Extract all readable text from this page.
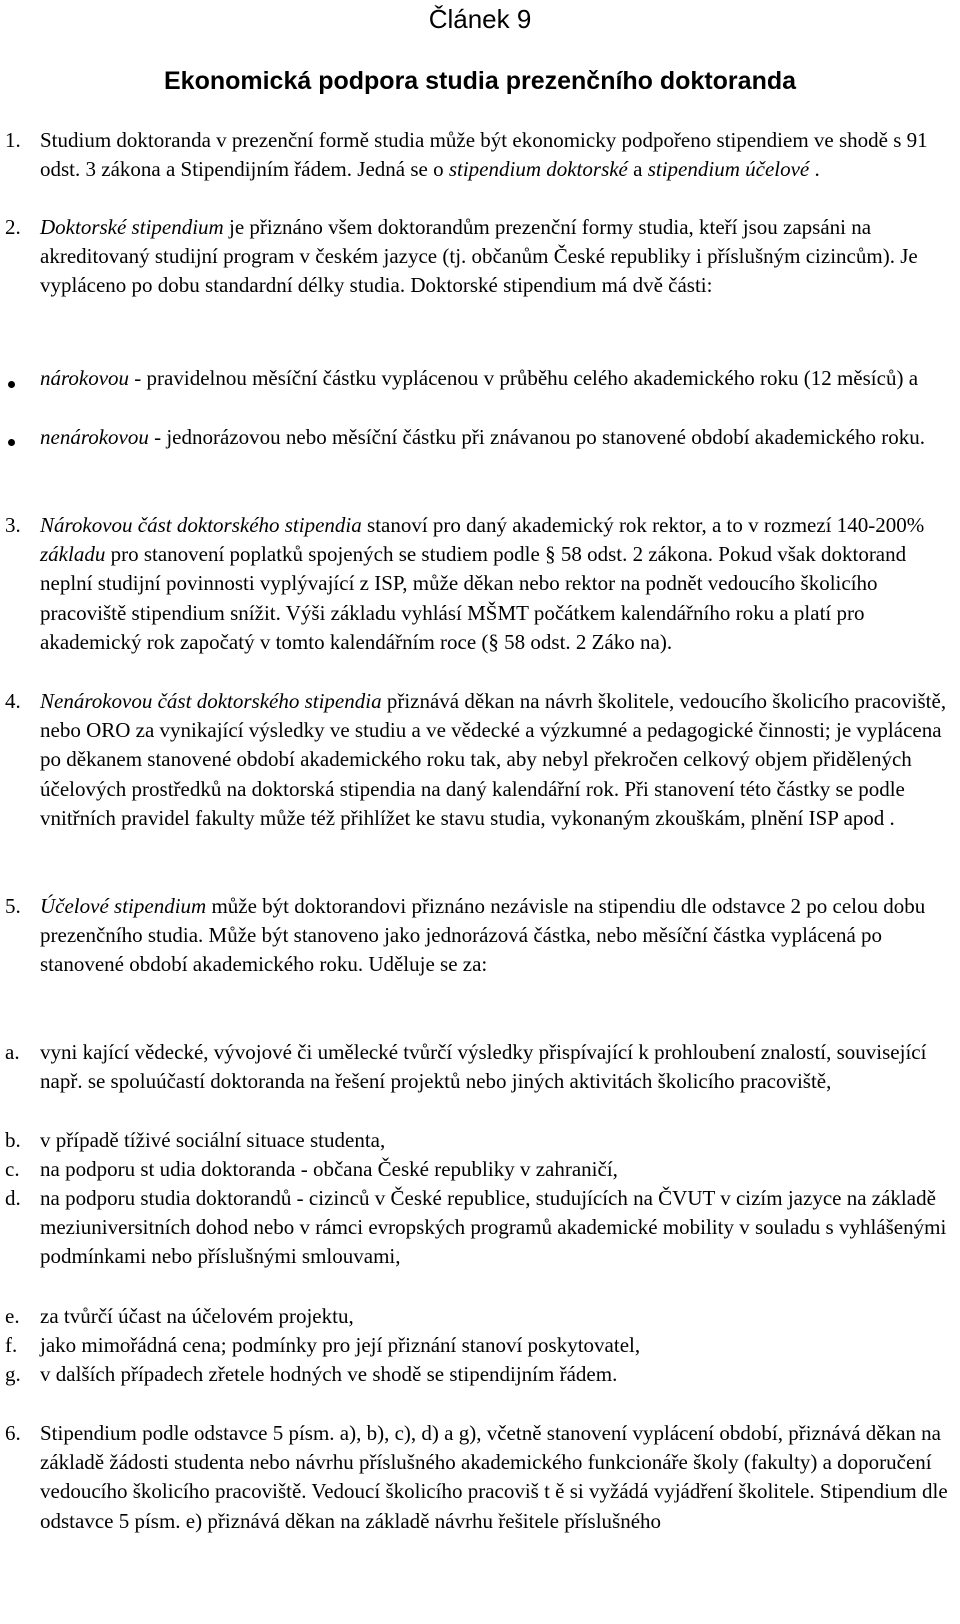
Článek 9
Ekonomická podpora studia prezenčního doktoranda
1. Studium doktoranda v prezenční formě studia může být ekonomicky podpořeno stipendiem ve shodě s 91 odst. 3 zákona a Stipendijním řádem. Jedná se o stipendium doktorské a stipendium účelové .
2. Doktorské stipendium je přiznáno všem doktorandům prezenční formy studia, kteří jsou zapsáni na akreditovaný studijní program v českém jazyce (tj. občanům České republiky i příslušným cizincům). Je vypláceno po dobu standardní délky studia. Doktorské stipendium má dvě části:
nárokovou - pravidelnou měsíční částku vyplácenou v průběhu celého akademického roku (12 měsíců) a
nenárokovou - jednorázovou nebo měsíční částku při znávanou po stanovené období akademického roku.
3. Nárokovou část doktorského stipendia stanoví pro daný akademický rok rektor, a to v rozmezí 140-200% základu pro stanovení poplatků spojených se studiem podle § 58 odst. 2 zákona. Pokud však doktorand neplní studijní povinnosti vyplývající z ISP, může děkan nebo rektor na podnět vedoucího školicího pracoviště stipendium snížit. Výši základu vyhlásí MŠMT počátkem kalendářního roku a platí pro akademický rok započatý v tomto kalendářním roce (§ 58 odst. 2 Záko na).
4. Nenárokovou část doktorského stipendia přiznává děkan na návrh školitele, vedoucího školicího pracoviště, nebo ORO za vynikající výsledky ve studiu a ve vědecké a výzkumné a pedagogické činnosti; je vyplácena po děkanem stanovené období akademického roku tak, aby nebyl překročen celkový objem přidělených účelových prostředků na doktorská stipendia na daný kalendářní rok. Při stanovení této částky se podle vnitřních pravidel fakulty může též přihlížet ke stavu studia, vykonaným zkouškám, plnění ISP apod .
5. Účelové stipendium může být doktorandovi přiznáno nezávisle na stipendiu dle odstavce 2 po celou dobu prezenčního studia. Může být stanoveno jako jednorázová částka, nebo měsíční částka vyplácená po stanovené období akademického roku. Uděluje se za:
a. vyni kající vědecké, vývojové či umělecké tvůrčí výsledky přispívající k prohloubení znalostí, související např. se spoluúčastí doktoranda na řešení projektů nebo jiných aktivitách školicího pracoviště,
b. v případě tíživé sociální situace studenta,
c. na podporu st udia doktoranda - občana České republiky v zahraničí,
d. na podporu studia doktorandů - cizinců v České republice, studujících na ČVUT v cizím jazyce na základě meziuniversitních dohod nebo v rámci evropských programů akademické mobility v souladu s vyhlášenými podmínkami nebo příslušnými smlouvami,
e. za tvůrčí účast na účelovém projektu,
f. jako mimořádná cena; podmínky pro její přiznání stanoví poskytovatel,
g. v dalších případech zřetele hodných ve shodě se stipendijním řádem.
6. Stipendium podle odstavce 5 písm. a), b), c), d) a g), včetně stanovení vyplácení období, přiznává děkan na základě žádosti studenta nebo návrhu příslušného akademického funkcionáře školy (fakulty) a doporučení vedoucího školicího pracoviště. Vedoucí školicího pracoviš t ě si vyžádá vyjádření školitele. Stipendium dle odstavce 5 písm. e) přiznává děkan na základě návrhu řešitele příslušného
